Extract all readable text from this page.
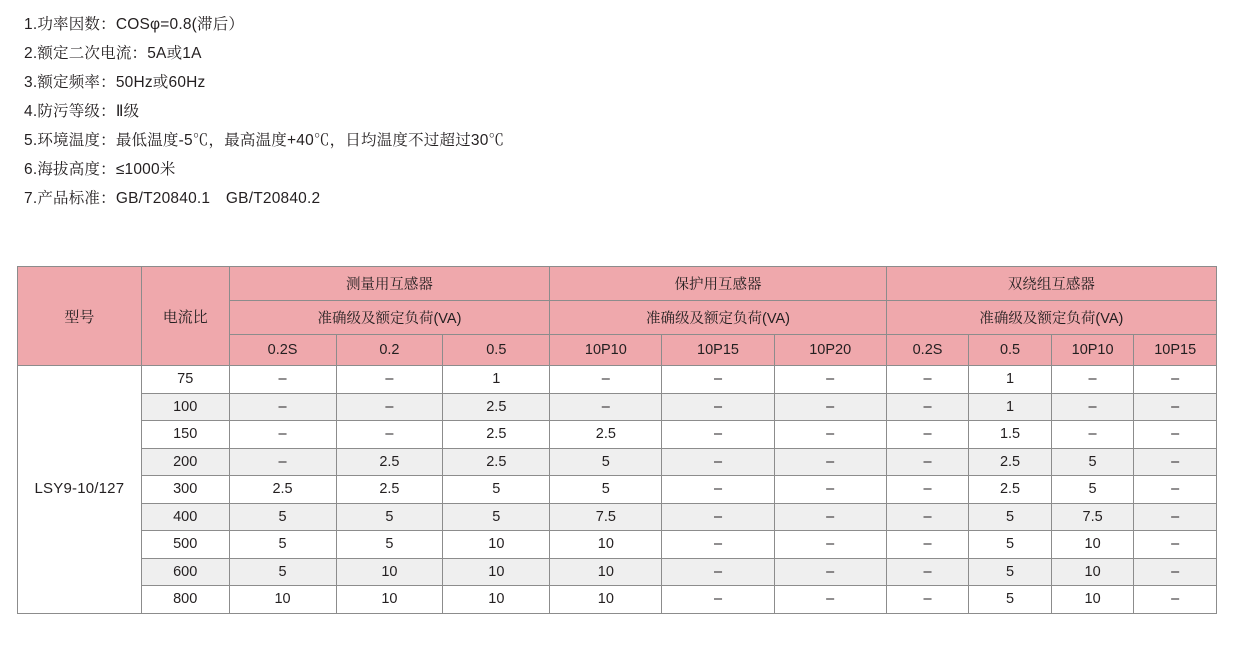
1.功率因数：COSφ=0.8(滞后）
2.额定二次电流：5A或1A
3.额定频率：50Hz或60Hz
4.防污等级：Ⅱ级
5.环境温度：最低温度-5℃，最高温度+40℃，日均温度不过超过30℃
6.海拔高度：≤1000米
7.产品标准：GB/T20840.1　GB/T20840.2
型号	电流比	测量用互感器			保护用互感器			双绕组互感器			
		准确级及额定负荷(VA)			准确级及额定负荷(VA)			准确级及额定负荷(VA)			
		0.2S	0.2	0.5	10P10	10P15	10P20	0.2S	0.5	10P10	10P15
LSY9-10/127	75	–	–	1	–	–	–	–	1	–	–
	100	–	–	2.5	–	–	–	–	1	–	–
	150	–	–	2.5	2.5	–	–	–	1.5	–	–
	200	–	2.5	2.5	5	–	–	–	2.5	5	–
	300	2.5	2.5	5	5	–	–	–	2.5	5	–
	400	5	5	5	7.5	–	–	–	5	7.5	–
	500	5	5	10	10	–	–	–	5	10	–
	600	5	10	10	10	–	–	–	5	10	–
	800	10	10	10	10	–	–	–	5	10	–
